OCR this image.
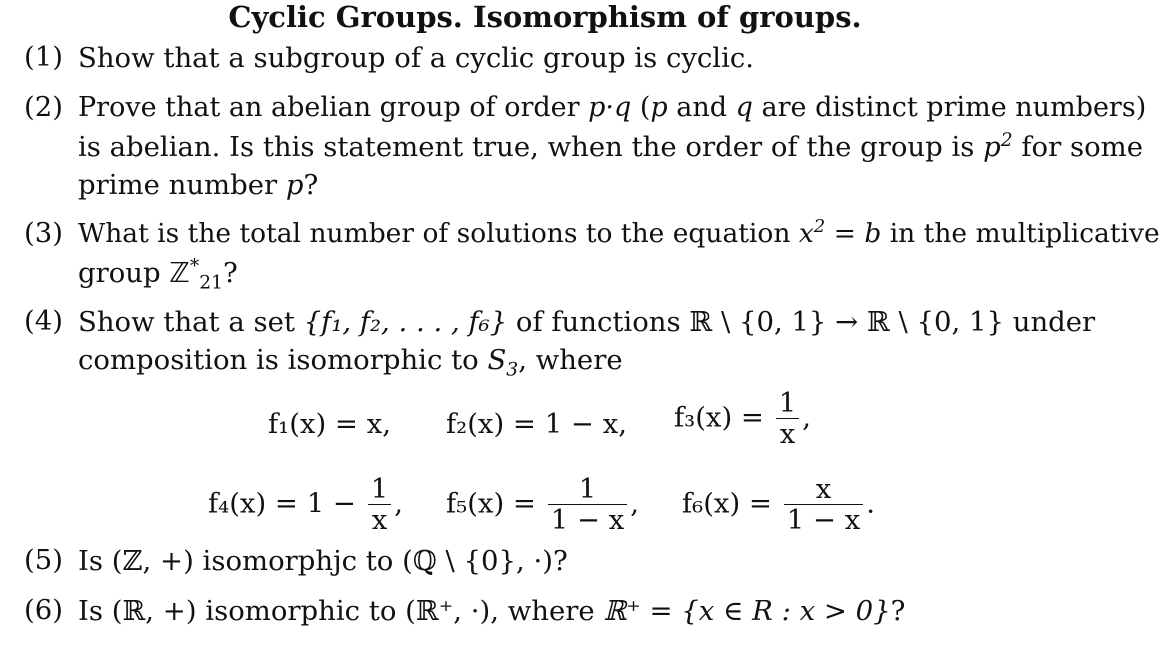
Cyclic Groups. Isomorphism of groups.
(1) Show that a subgroup of a cyclic group is cyclic.
(2) Prove that an abelian group of order p·q (p and q are distinct prime numbers)
is abelian. Is this statement true, when the order of the group is $p^2$ for some
prime number p?
(3) What is the total number of solutions to the equation $x^2 = b$ in the multiplicative
group ℤ*$_{21}$?
(4) Show that a set {f₁, f₂, . . . , f₆} of functions ℝ \ {0, 1} → ℝ \ {0, 1} under
composition is isomorphic to $S_3$, where
f₁(x) = x, f₂(x) = 1 − x, $f_3(x) = \frac{1}{x}$ ,
$f_4(x) = 1 - \frac{1}{x}$ , $f_5(x) = \frac{1}{1 - x}$ , $f_6(x) = \frac{x}{1 - x}$ .
(5) Is (ℤ, +) isomorphjc to (ℚ \ {0}, ·)?
(6) Is (ℝ, +) isomorphic to (ℝ⁺, ·), where ℝ⁺ = {x ∈ R : x > 0}?
